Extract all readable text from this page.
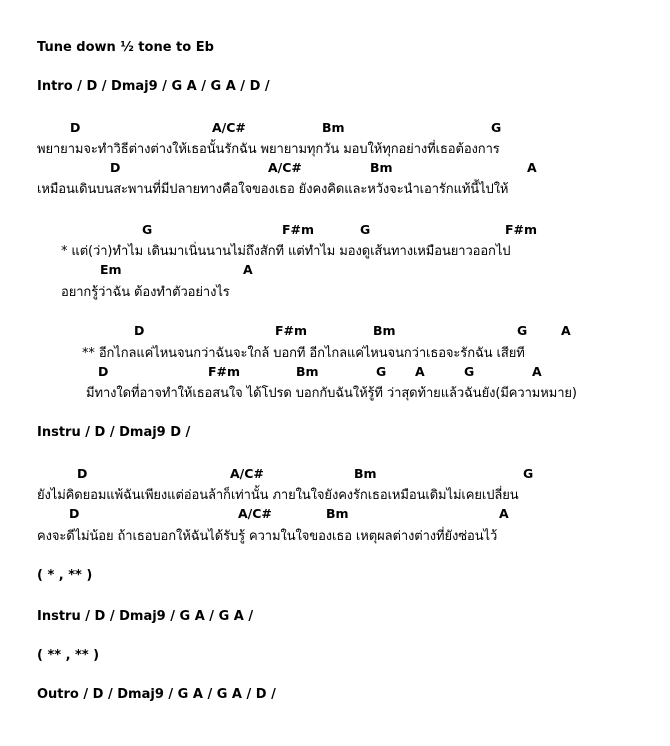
Tune down ½ tone to Eb
Intro / D / Dmaj9 / G A / G A / D /
D	A/C#	Bm	G
พยายามจะทำวิธีต่างต่างให้เธอนั้นรักฉัน พยายามทุกวัน มอบให้ทุกอย่างที่เธอต้องการ
D	A/C#	Bm	A
เหมือนเดินบนสะพานที่มีปลายทางคือใจของเธอ ยังคงคิดและหวังจะนำเอารักแท้นี้ไปให้
G	F#m	G	F#m
* แต่(ว่า)ทำไม เดินมาเนิ่นนานไม่ถึงสักที แต่ทำไม มองดูเส้นทางเหมือนยาวออกไป
Em	A
อยากรู้ว่าฉัน ต้องทำตัวอย่างไร
D	F#m	Bm	G	A
** อีกไกลแค่ไหนจนกว่าฉันจะใกล้ บอกที อีกไกลแค่ไหนจนกว่าเธอจะรักฉัน เสียที
D	F#m	Bm	G A	G	A
มีทางใดที่อาจทำให้เธอสนใจ ได้โปรด บอกกับฉันให้รู้ที ว่าสุดท้ายแล้วฉันยัง(มีความหมาย)
Instru / D / Dmaj9 D /
D	A/C#	Bm	G
ยังไม่คิดยอมแพ้ฉันเพียงแต่อ่อนล้าก็เท่านั้น ภายในใจยังคงรักเธอเหมือนเดิมไม่เคยเปลี่ยน
D	A/C#	Bm	A
คงจะดีไม่น้อย ถ้าเธอบอกให้ฉันได้รับรู้ ความในใจของเธอ เหตุผลต่างต่างที่ยังซ่อนไว้
( * , ** )
Instru / D / Dmaj9 / G A / G A /
( ** , ** )
Outro / D / Dmaj9 / G A / G A / D /
